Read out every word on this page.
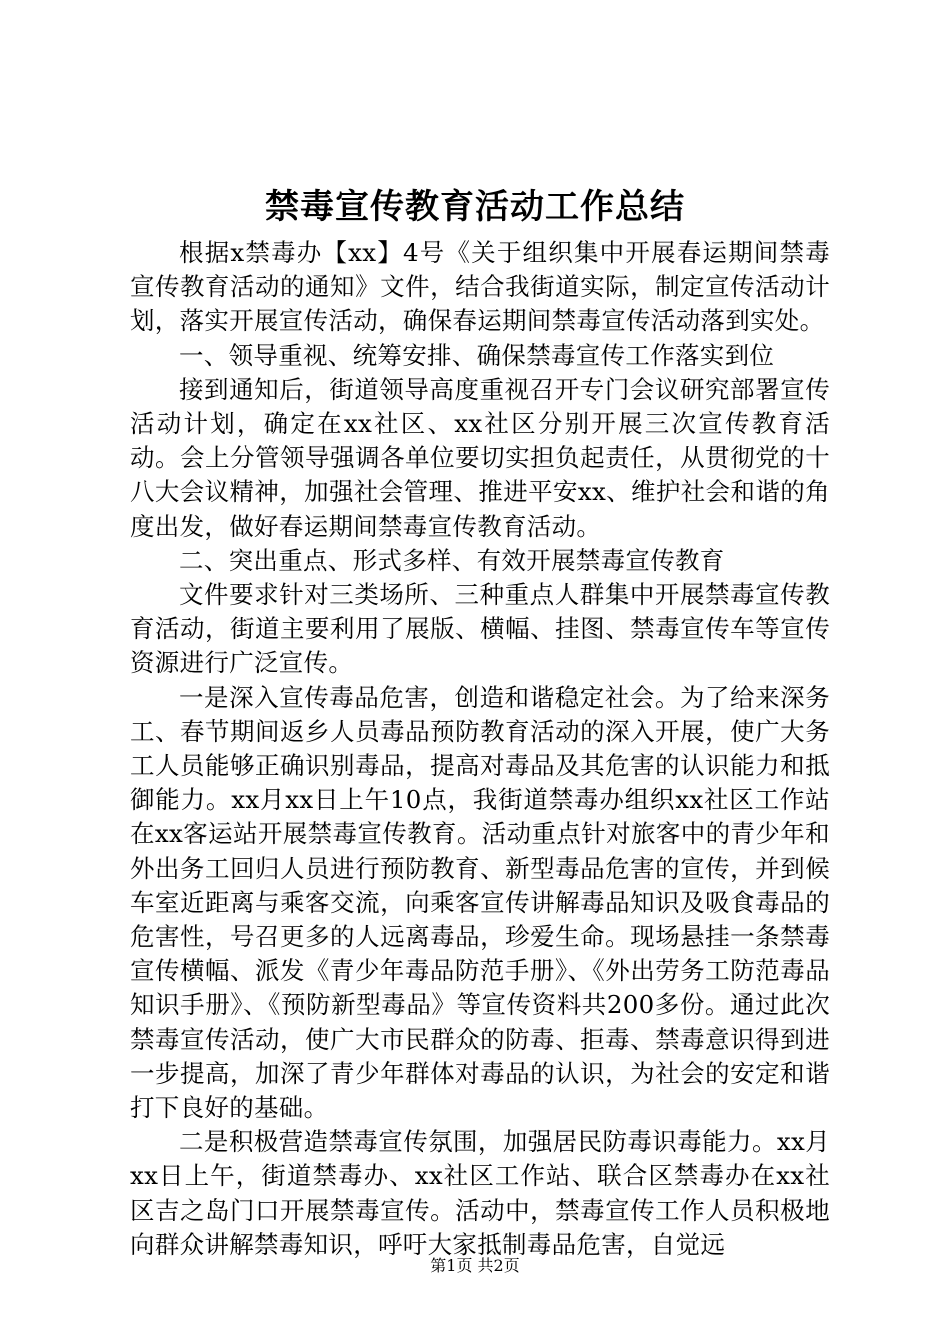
禁毒宣传教育活动工作总结

根据x禁毒办【xx】4号《关于组织集中开展春运期间禁毒宣传教育活动的通知》文件，结合我街道实际，制定宣传活动计划，落实开展宣传活动，确保春运期间禁毒宣传活动落到实处。

一、领导重视、统筹安排、确保禁毒宣传工作落实到位

接到通知后，街道领导高度重视召开专门会议研究部署宣传活动计划，确定在xx社区、xx社区分别开展三次宣传教育活动。会上分管领导强调各单位要切实担负起责任，从贯彻党的十八大会议精神，加强社会管理、推进平安xx、维护社会和谐的角度出发，做好春运期间禁毒宣传教育活动。

二、突出重点、形式多样、有效开展禁毒宣传教育

文件要求针对三类场所、三种重点人群集中开展禁毒宣传教育活动，街道主要利用了展版、横幅、挂图、禁毒宣传车等宣传资源进行广泛宣传。

一是深入宣传毒品危害，创造和谐稳定社会。为了给来深务工、春节期间返乡人员毒品预防教育活动的深入开展，使广大务工人员能够正确识别毒品，提高对毒品及其危害的认识能力和抵御能力。xx月xx日上午10点，我街道禁毒办组织xx社区工作站在xx客运站开展禁毒宣传教育。活动重点针对旅客中的青少年和外出务工回归人员进行预防教育、新型毒品危害的宣传，并到候车室近距离与乘客交流，向乘客宣传讲解毒品知识及吸食毒品的危害性，号召更多的人远离毒品，珍爱生命。现场悬挂一条禁毒宣传横幅、派发《青少年毒品防范手册》、《外出劳务工防范毒品知识手册》、《预防新型毒品》等宣传资料共200多份。通过此次禁毒宣传活动，使广大市民群众的防毒、拒毒、禁毒意识得到进一步提高，加深了青少年群体对毒品的认识，为社会的安定和谐打下良好的基础。

二是积极营造禁毒宣传氛围，加强居民防毒识毒能力。xx月xx日上午，街道禁毒办、xx社区工作站、联合区禁毒办在xx社区吉之岛门口开展禁毒宣传。活动中，禁毒宣传工作人员积极地向群众讲解禁毒知识，呼吁大家抵制毒品危害，自觉远

第1页 共2页
